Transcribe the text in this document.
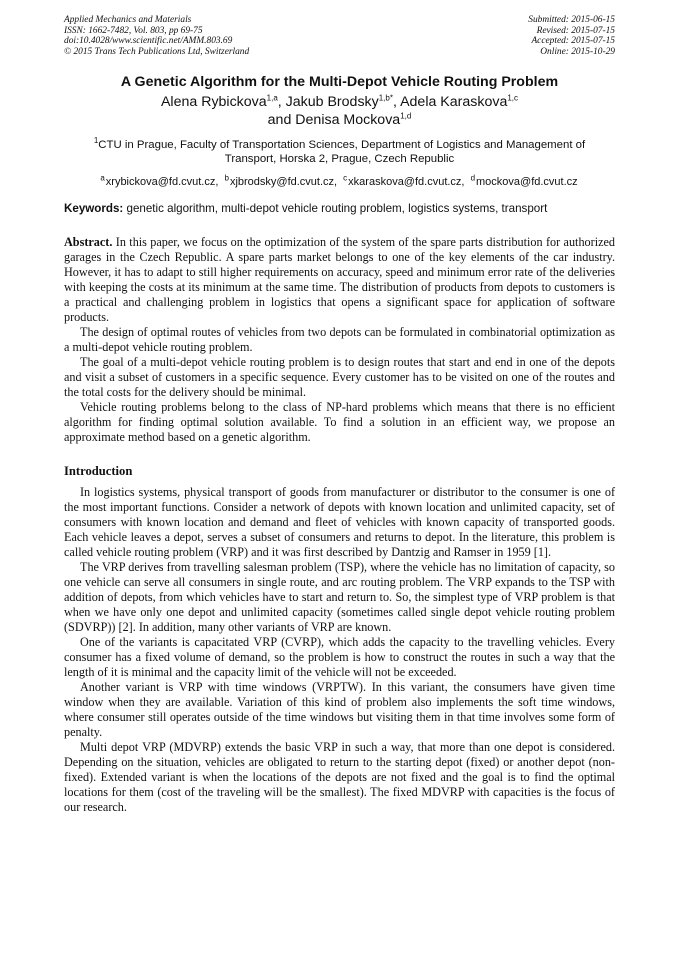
Applied Mechanics and Materials
ISSN: 1662-7482, Vol. 803, pp 69-75
doi:10.4028/www.scientific.net/AMM.803.69
© 2015 Trans Tech Publications Ltd, Switzerland
Submitted: 2015-06-15
Revised: 2015-07-15
Accepted: 2015-07-15
Online: 2015-10-29
A Genetic Algorithm for the Multi-Depot Vehicle Routing Problem
Alena Rybickova$^{1,a}$, Jakub Brodsky$^{1,b*}$, Adela Karaskova$^{1,c}$
and Denisa Mockova$^{1,d}$
$^1$CTU in Prague, Faculty of Transportation Sciences, Department of Logistics and Management of
Transport, Horska 2, Prague, Czech Republic
$^a$xrybickova@fd.cvut.cz, $^b$xjbrodsky@fd.cvut.cz, $^c$xkaraskova@fd.cvut.cz, $^d$mockova@fd.cvut.cz
Keywords: genetic algorithm, multi-depot vehicle routing problem, logistics systems, transport

Abstract. In this paper, we focus on the optimization of the system of the spare parts distribution for authorized garages in the Czech Republic. A spare parts market belongs to one of the key elements of the car industry. However, it has to adapt to still higher requirements on accuracy, speed and minimum error rate of the deliveries with keeping the costs at its minimum at the same time. The distribution of products from depots to customers is a practical and challenging problem in logistics that opens a significant space for application of software products.

The design of optimal routes of vehicles from two depots can be formulated in combinatorial optimization as a multi-depot vehicle routing problem.

The goal of a multi-depot vehicle routing problem is to design routes that start and end in one of the depots and visit a subset of customers in a specific sequence. Every customer has to be visited on one of the routes and the total costs for the delivery should be minimal.

Vehicle routing problems belong to the class of NP-hard problems which means that there is no efficient algorithm for finding optimal solution available. To find a solution in an efficient way, we propose an approximate method based on a genetic algorithm.

Introduction

In logistics systems, physical transport of goods from manufacturer or distributor to the consumer is one of the most important functions. Consider a network of depots with known location and unlimited capacity, set of consumers with known location and demand and fleet of vehicles with known capacity of transported goods. Each vehicle leaves a depot, serves a subset of consumers and returns to depot. In the literature, this problem is called vehicle routing problem (VRP) and it was first described by Dantzig and Ramser in 1959 [1].

The VRP derives from travelling salesman problem (TSP), where the vehicle has no limitation of capacity, so one vehicle can serve all consumers in single route, and arc routing problem. The VRP expands to the TSP with addition of depots, from which vehicles have to start and return to. So, the simplest type of VRP problem is that when we have only one depot and unlimited capacity (sometimes called single depot vehicle routing problem (SDVRP)) [2]. In addition, many other variants of VRP are known.

One of the variants is capacitated VRP (CVRP), which adds the capacity to the travelling vehicles. Every consumer has a fixed volume of demand, so the problem is how to construct the routes in such a way that the length of it is minimal and the capacity limit of the vehicle will not be exceeded.

Another variant is VRP with time windows (VRPTW). In this variant, the consumers have given time window when they are available. Variation of this kind of problem also implements the soft time windows, where consumer still operates outside of the time windows but visiting them in that time involves some form of penalty.

Multi depot VRP (MDVRP) extends the basic VRP in such a way, that more than one depot is considered. Depending on the situation, vehicles are obligated to return to the starting depot (fixed) or another depot (non-fixed). Extended variant is when the locations of the depots are not fixed and the goal is to find the optimal locations for them (cost of the traveling will be the smallest). The fixed MDVRP with capacities is the focus of our research.
